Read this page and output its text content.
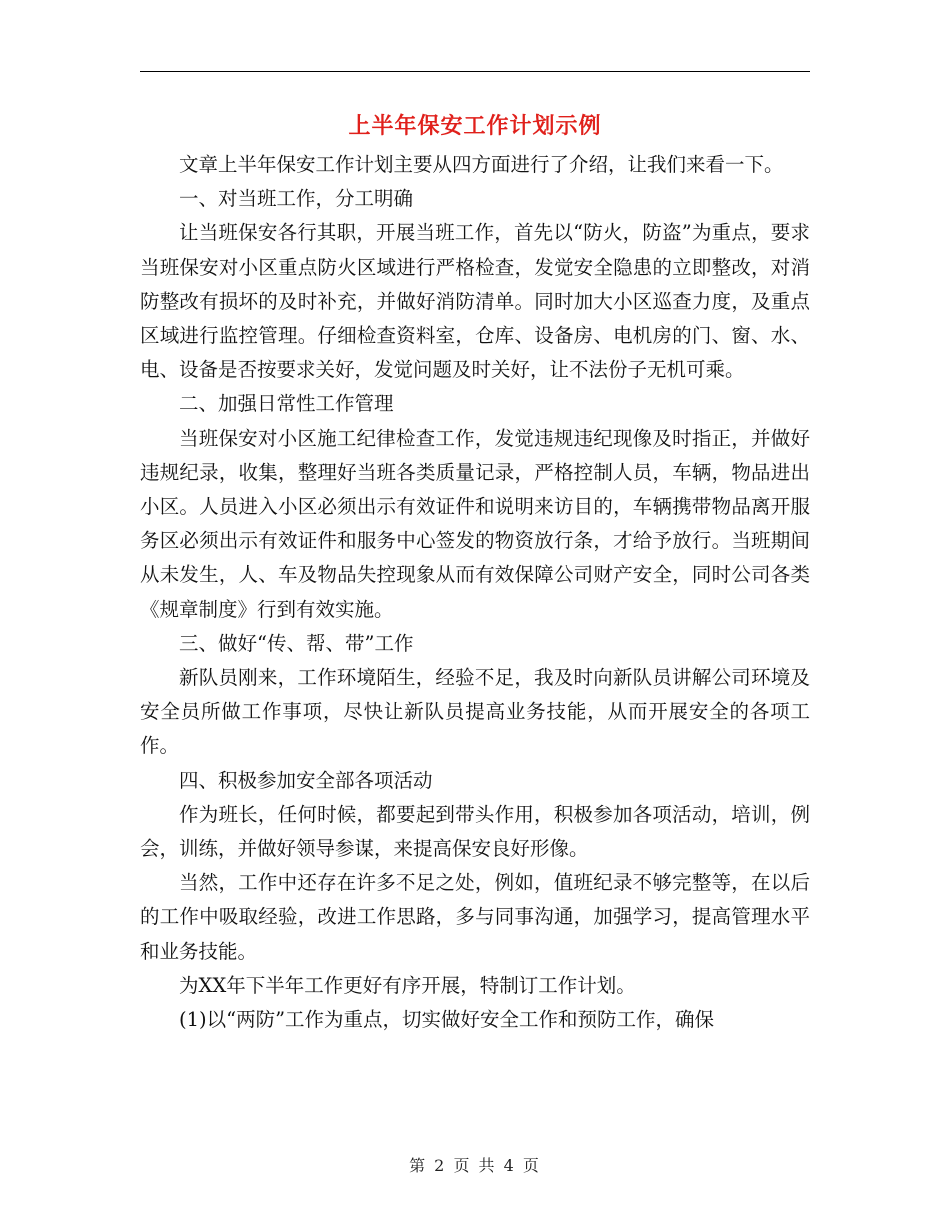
上半年保安工作计划示例

文章上半年保安工作计划主要从四方面进行了介绍，让我们来看一下。

一、对当班工作，分工明确

让当班保安各行其职，开展当班工作，首先以“防火，防盗”为重点，要求当班保安对小区重点防火区域进行严格检查，发觉安全隐患的立即整改，对消防整改有损坏的及时补充，并做好消防清单。同时加大小区巡查力度，及重点区域进行监控管理。仔细检查资料室，仓库、设备房、电机房的门、窗、水、电、设备是否按要求关好，发觉问题及时关好，让不法份子无机可乘。

二、加强日常性工作管理

当班保安对小区施工纪律检查工作，发觉违规违纪现像及时指正，并做好违规纪录，收集，整理好当班各类质量记录，严格控制人员，车辆，物品进出小区。人员进入小区必须出示有效证件和说明来访目的，车辆携带物品离开服务区必须出示有效证件和服务中心签发的物资放行条，才给予放行。当班期间从未发生，人、车及物品失控现象从而有效保障公司财产安全，同时公司各类《规章制度》行到有效实施。

三、做好“传、帮、带”工作

新队员刚来，工作环境陌生，经验不足，我及时向新队员讲解公司环境及安全员所做工作事项，尽快让新队员提高业务技能，从而开展安全的各项工作。

四、积极参加安全部各项活动

作为班长，任何时候，都要起到带头作用，积极参加各项活动，培训，例会，训练，并做好领导参谋，来提高保安良好形像。

当然，工作中还存在许多不足之处，例如，值班纪录不够完整等，在以后的工作中吸取经验，改进工作思路，多与同事沟通，加强学习，提高管理水平和业务技能。

为XX年下半年工作更好有序开展，特制订工作计划。

(1)以“两防”工作为重点，切实做好安全工作和预防工作，确保

第 2 页 共 4 页
